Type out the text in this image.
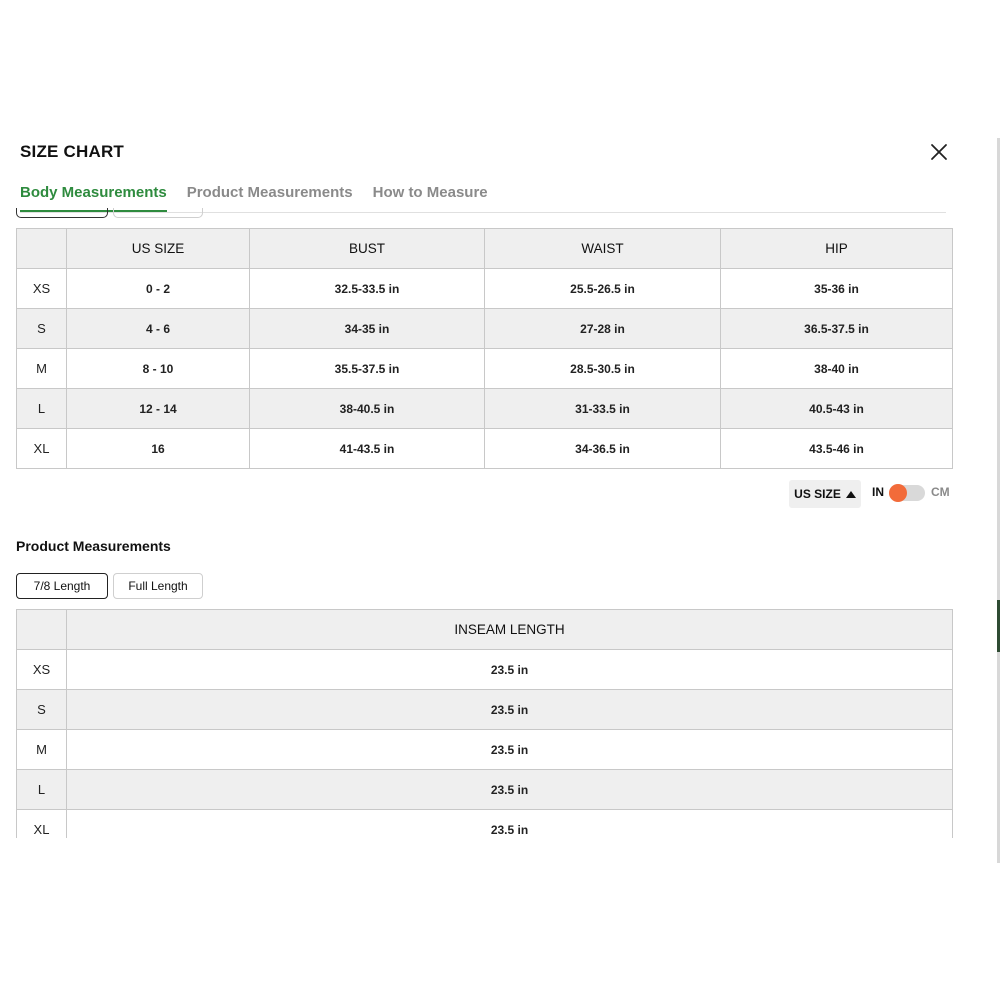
SIZE CHART
Body Measurements Product Measurements How to Measure
	US SIZE	BUST	WAIST	HIP
XS	0 - 2	32.5-33.5 in	25.5-26.5 in	35-36 in
S	4 - 6	34-35 in	27-28 in	36.5-37.5 in
M	8 - 10	35.5-37.5 in	28.5-30.5 in	38-40 in
L	12 - 14	38-40.5 in	31-33.5 in	40.5-43 in
XL	16	41-43.5 in	34-36.5 in	43.5-46 in
US SIZE	IN	CM
Product Measurements
7/8 Length	Full Length
	INSEAM LENGTH
XS	23.5 in
S	23.5 in
M	23.5 in
L	23.5 in
XL	23.5 in
